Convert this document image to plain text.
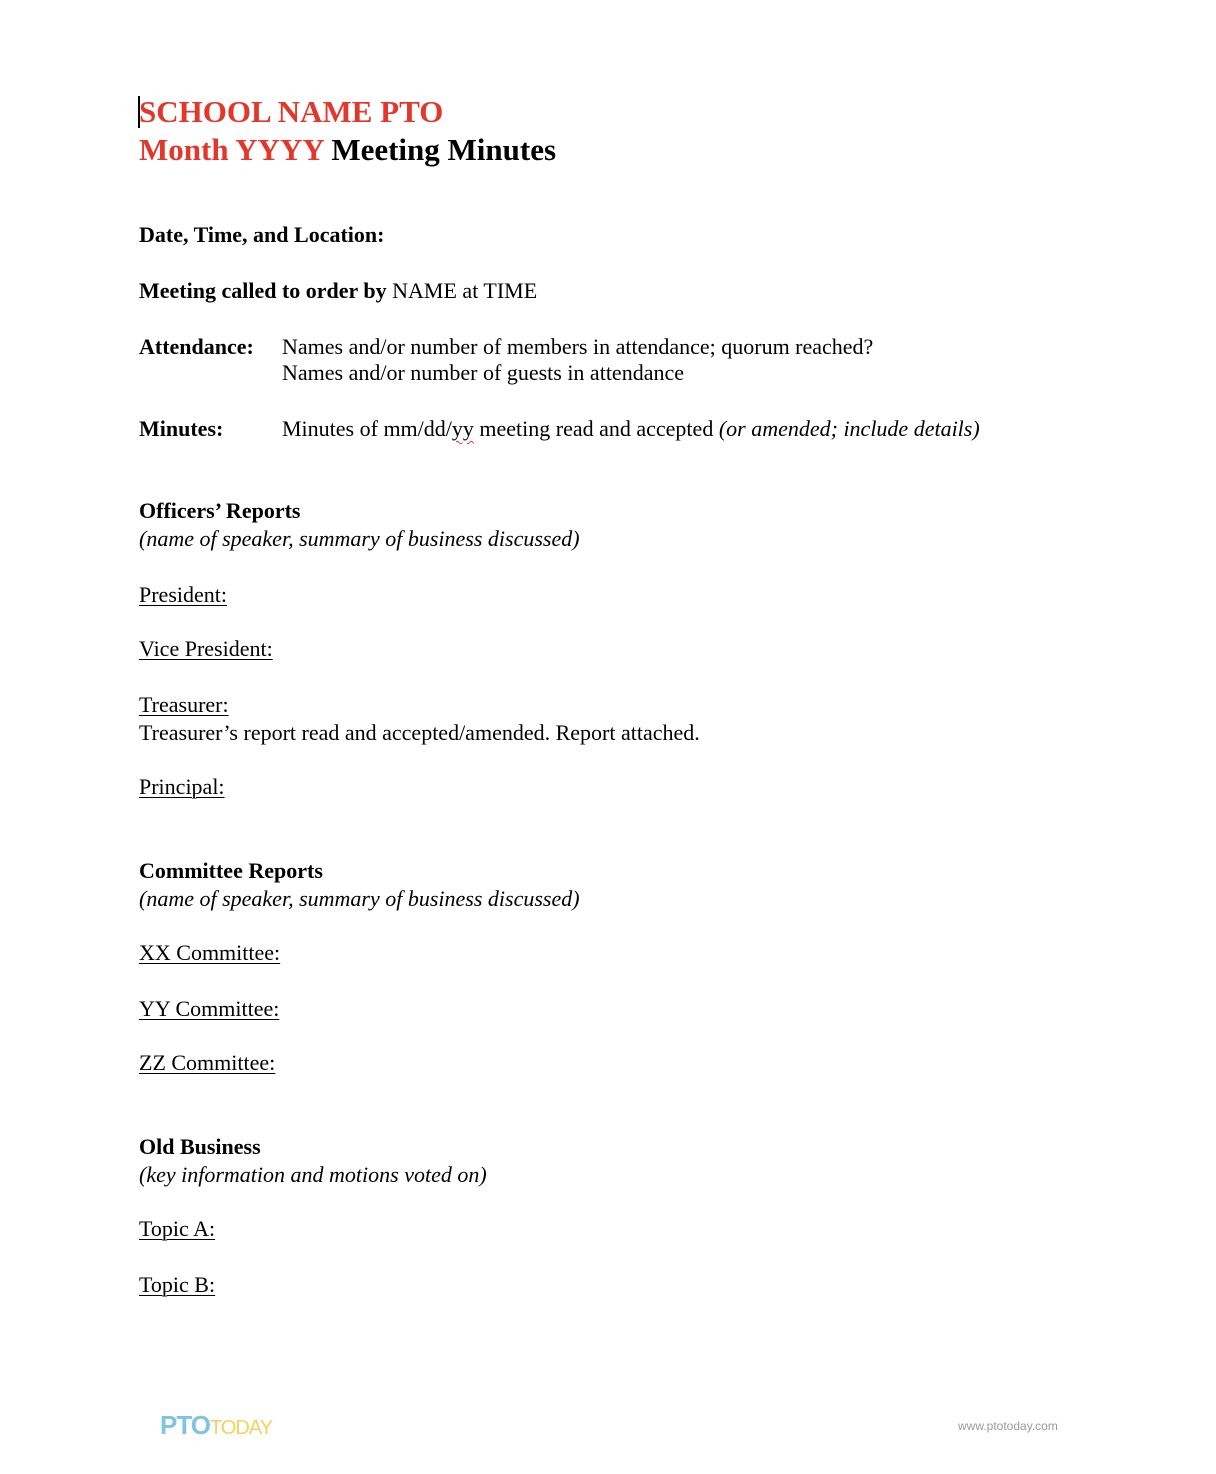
SCHOOL NAME PTO
Month YYYY Meeting Minutes
Date, Time, and Location:
Meeting called to order by NAME at TIME
Attendance: Names and/or number of members in attendance; quorum reached?
Names and/or number of guests in attendance
Minutes:	Minutes of mm/dd/yy meeting read and accepted (or amended; include details)
Officers’ Reports
(name of speaker, summary of business discussed)
President:
Vice President:
Treasurer:
Treasurer’s report read and accepted/amended. Report attached.
Principal:
Committee Reports
(name of speaker, summary of business discussed)
XX Committee:
YY Committee:
ZZ Committee:
Old Business
(key information and motions voted on)
Topic A:
Topic B:
PTOTODAY	www.ptotoday.com
